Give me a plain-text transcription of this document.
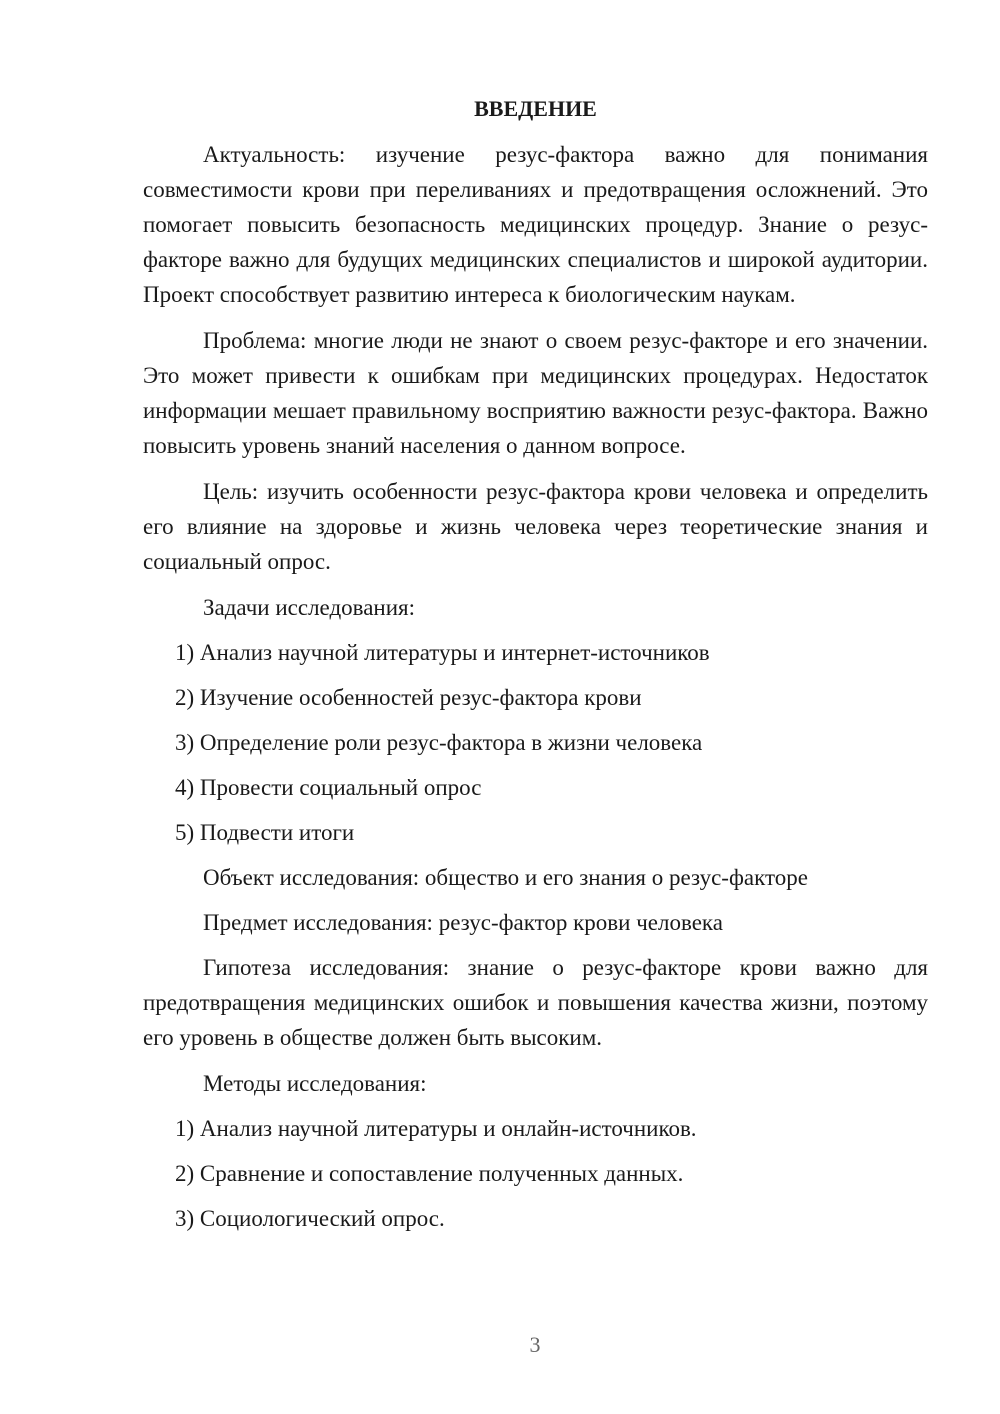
ВВЕДЕНИЕ

Актуальность: изучение резус-фактора важно для понимания совместимости крови при переливаниях и предотвращения осложнений. Это помогает повысить безопасность медицинских процедур. Знание о резус-факторе важно для будущих медицинских специалистов и широкой аудитории. Проект способствует развитию интереса к биологическим наукам.

Проблема: многие люди не знают о своем резус-факторе и его значении. Это может привести к ошибкам при медицинских процедурах. Недостаток информации мешает правильному восприятию важности резус-фактора. Важно повысить уровень знаний населения о данном вопросе.

Цель: изучить особенности резус-фактора крови человека и определить его влияние на здоровье и жизнь человека через теоретические знания и социальный опрос.

Задачи исследования:
1) Анализ научной литературы и интернет-источников
2) Изучение особенностей резус-фактора крови
3) Определение роли резус-фактора в жизни человека
4) Провести социальный опрос
5) Подвести итоги
Объект исследования: общество и его знания о резус-факторе
Предмет исследования: резус-фактор крови человека

Гипотеза исследования: знание о резус-факторе крови важно для предотвращения медицинских ошибок и повышения качества жизни, поэтому его уровень в обществе должен быть высоким.

Методы исследования:
1) Анализ научной литературы и онлайн-источников.
2) Сравнение и сопоставление полученных данных.
3) Социологический опрос.
3
